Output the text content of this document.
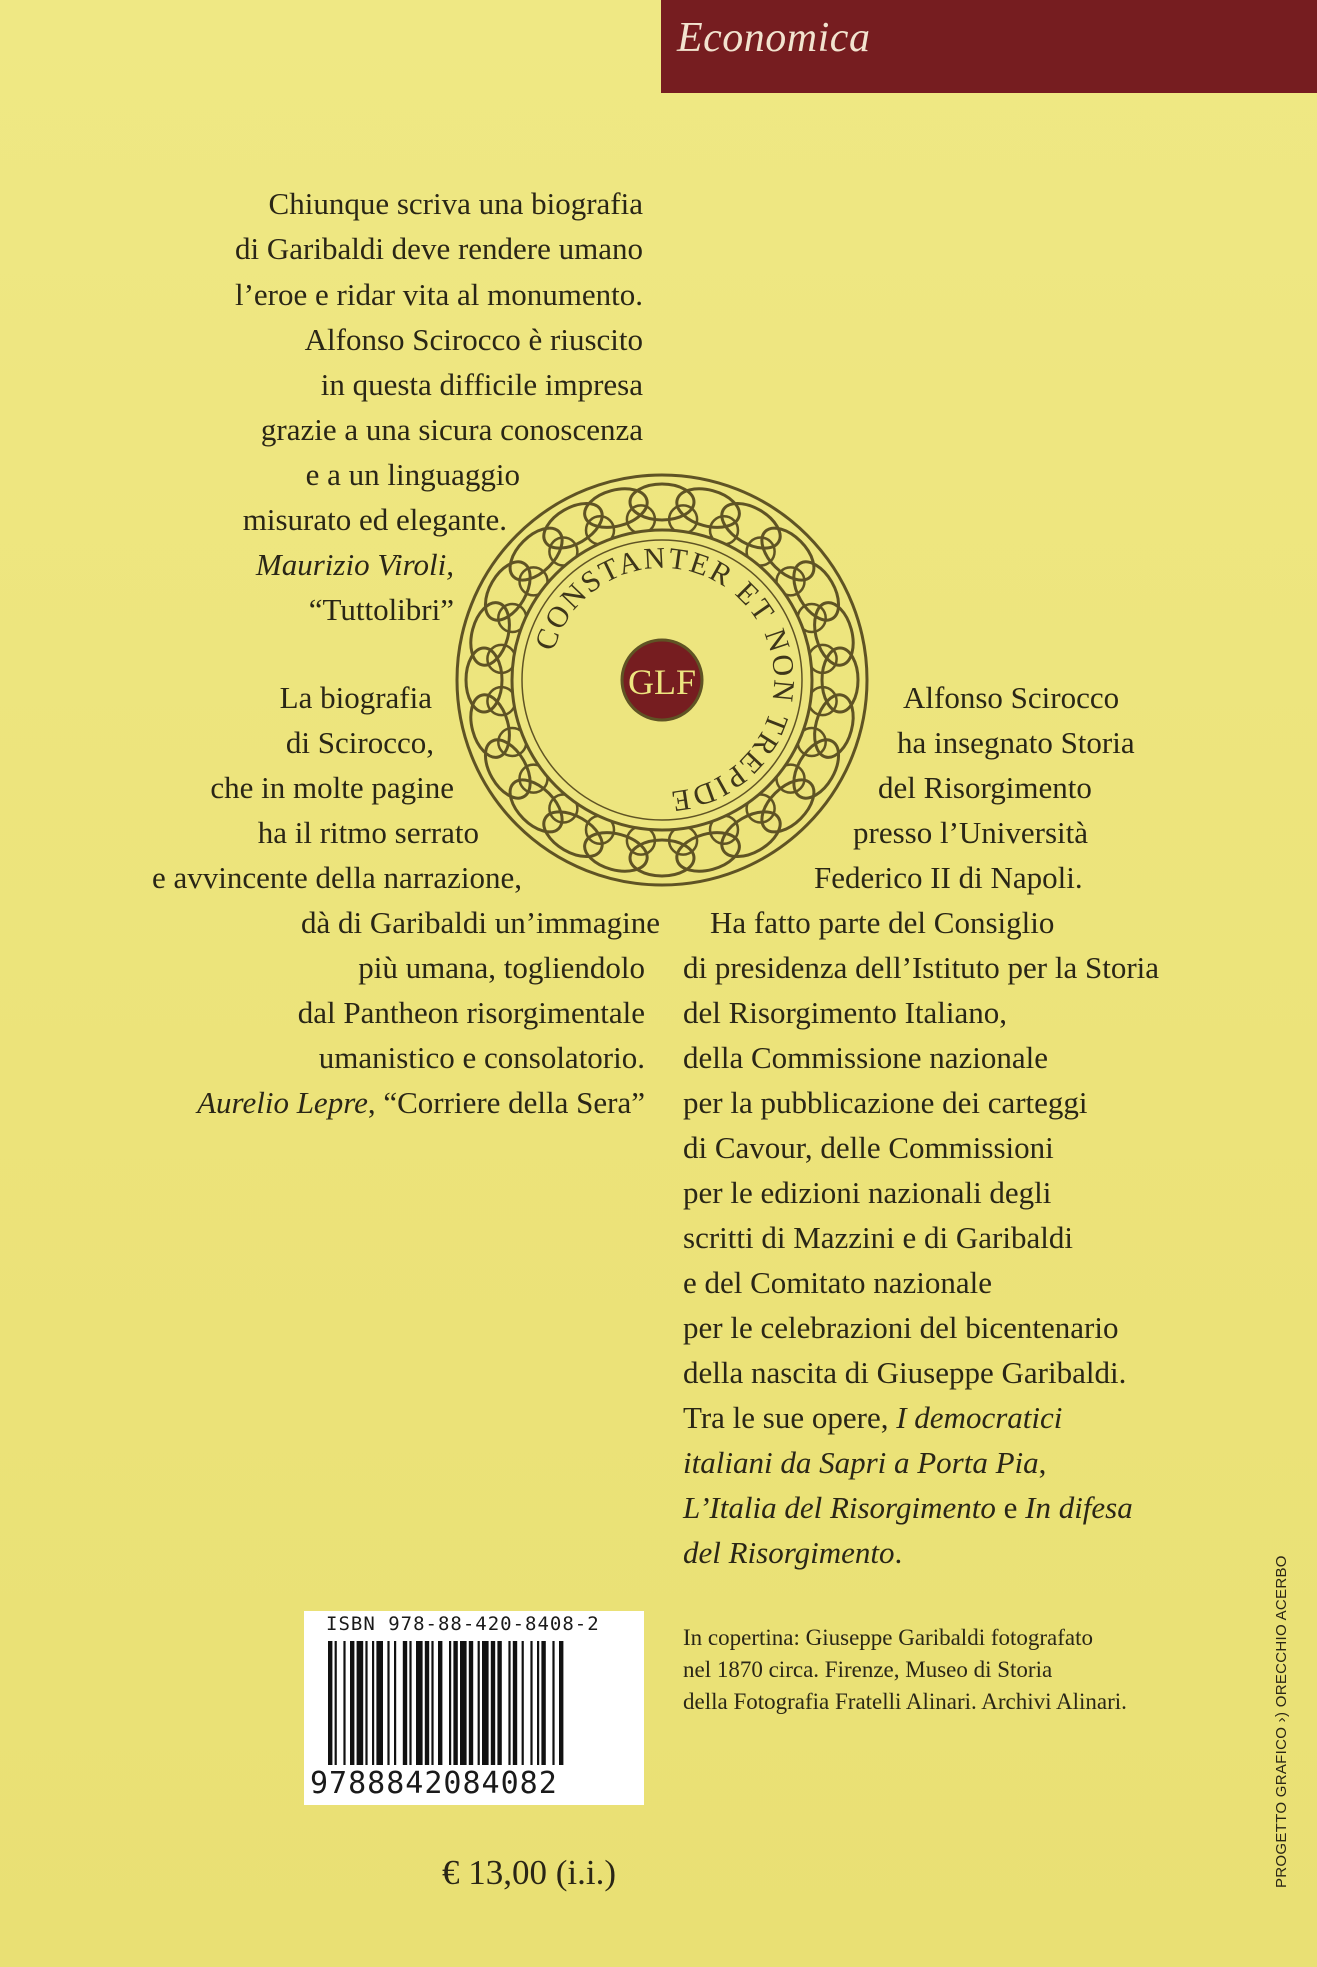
Economica
Chiunque scriva una biografia
di Garibaldi deve rendere umano
l’eroe e ridar vita al monumento.
Alfonso Scirocco è riuscito
in questa difficile impresa
grazie a una sicura conoscenza
e a un linguaggio
misurato ed elegante.
Maurizio Viroli,
“Tuttolibri”
La biografia
di Scirocco,
che in molte pagine
ha il ritmo serrato
e avvincente della narrazione,
dà di Garibaldi un’immagine
più umana, togliendolo
dal Pantheon risorgimentale
umanistico e consolatorio.
Aurelio Lepre, “Corriere della Sera”
CONSTANTER ET NON TREPIDE
GLF	Alfonso Scirocco
ha insegnato Storia
del Risorgimento
presso l’Università
Federico II di Napoli.
Ha fatto parte del Consiglio
di presidenza dell’Istituto per la Storia
del Risorgimento Italiano,
della Commissione nazionale
per la pubblicazione dei carteggi
di Cavour, delle Commissioni
per le edizioni nazionali degli
scritti di Mazzini e di Garibaldi
e del Comitato nazionale
per le celebrazioni del bicentenario
della nascita di Giuseppe Garibaldi.
Tra le sue opere, I democratici
italiani da Sapri a Porta Pia,
L’Italia del Risorgimento e In difesa
del Risorgimento.
ISBN 978-88-420-8408-2
9788842084082
In copertina: Giuseppe Garibaldi fotografato
nel 1870 circa. Firenze, Museo di Storia
della Fotografia Fratelli Alinari. Archivi Alinari.
€ 13,00 (i.i.)	PROGETTO GRAFICO ›) ORECCHIO ACERBO
